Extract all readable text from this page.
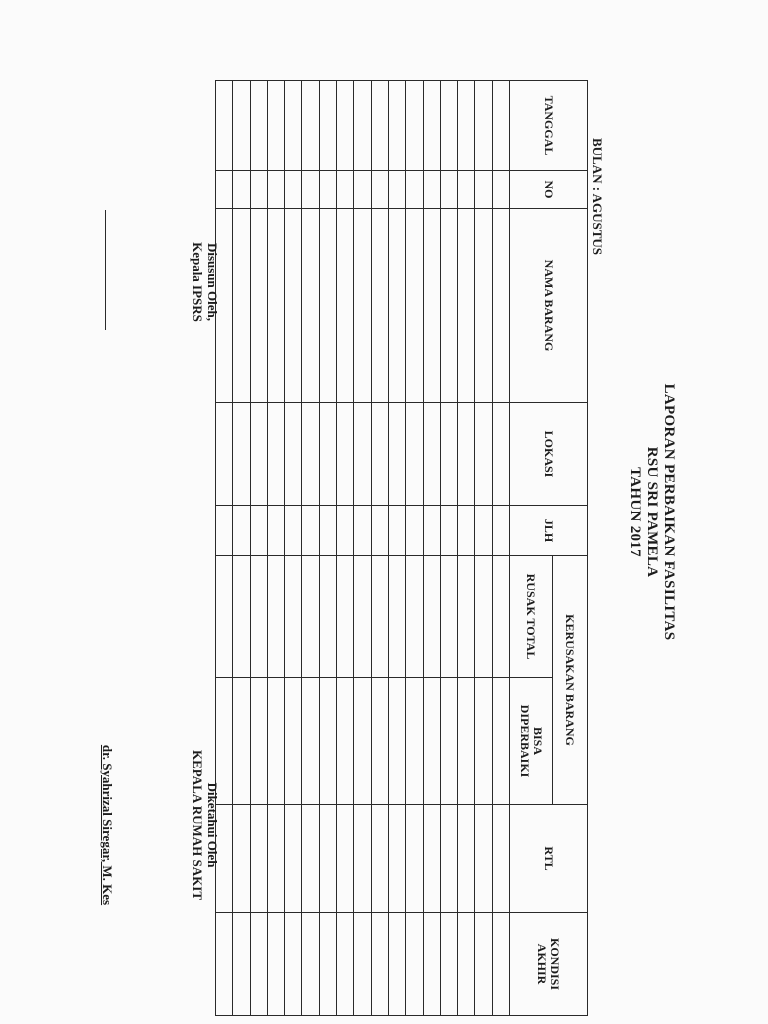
LAPORAN PERBAIKAN FASILITAS
RSU SRI PAMELA
TAHUN 2017
BULAN : AGUSTUS
TANGGAL	NO	NAMA BARANG	LOKASI	JLH	KERUSAKAN BARANG		RTL	KONDISI
AKHIR
					RUSAK TOTAL	BISA
DIPERBAIKI		

Disusun Oleh,
Kepala IPSRS
Diketahui Oleh
KEPALA RUMAH SAKIT
dr. Syahrizal Siregar, M. Kes
